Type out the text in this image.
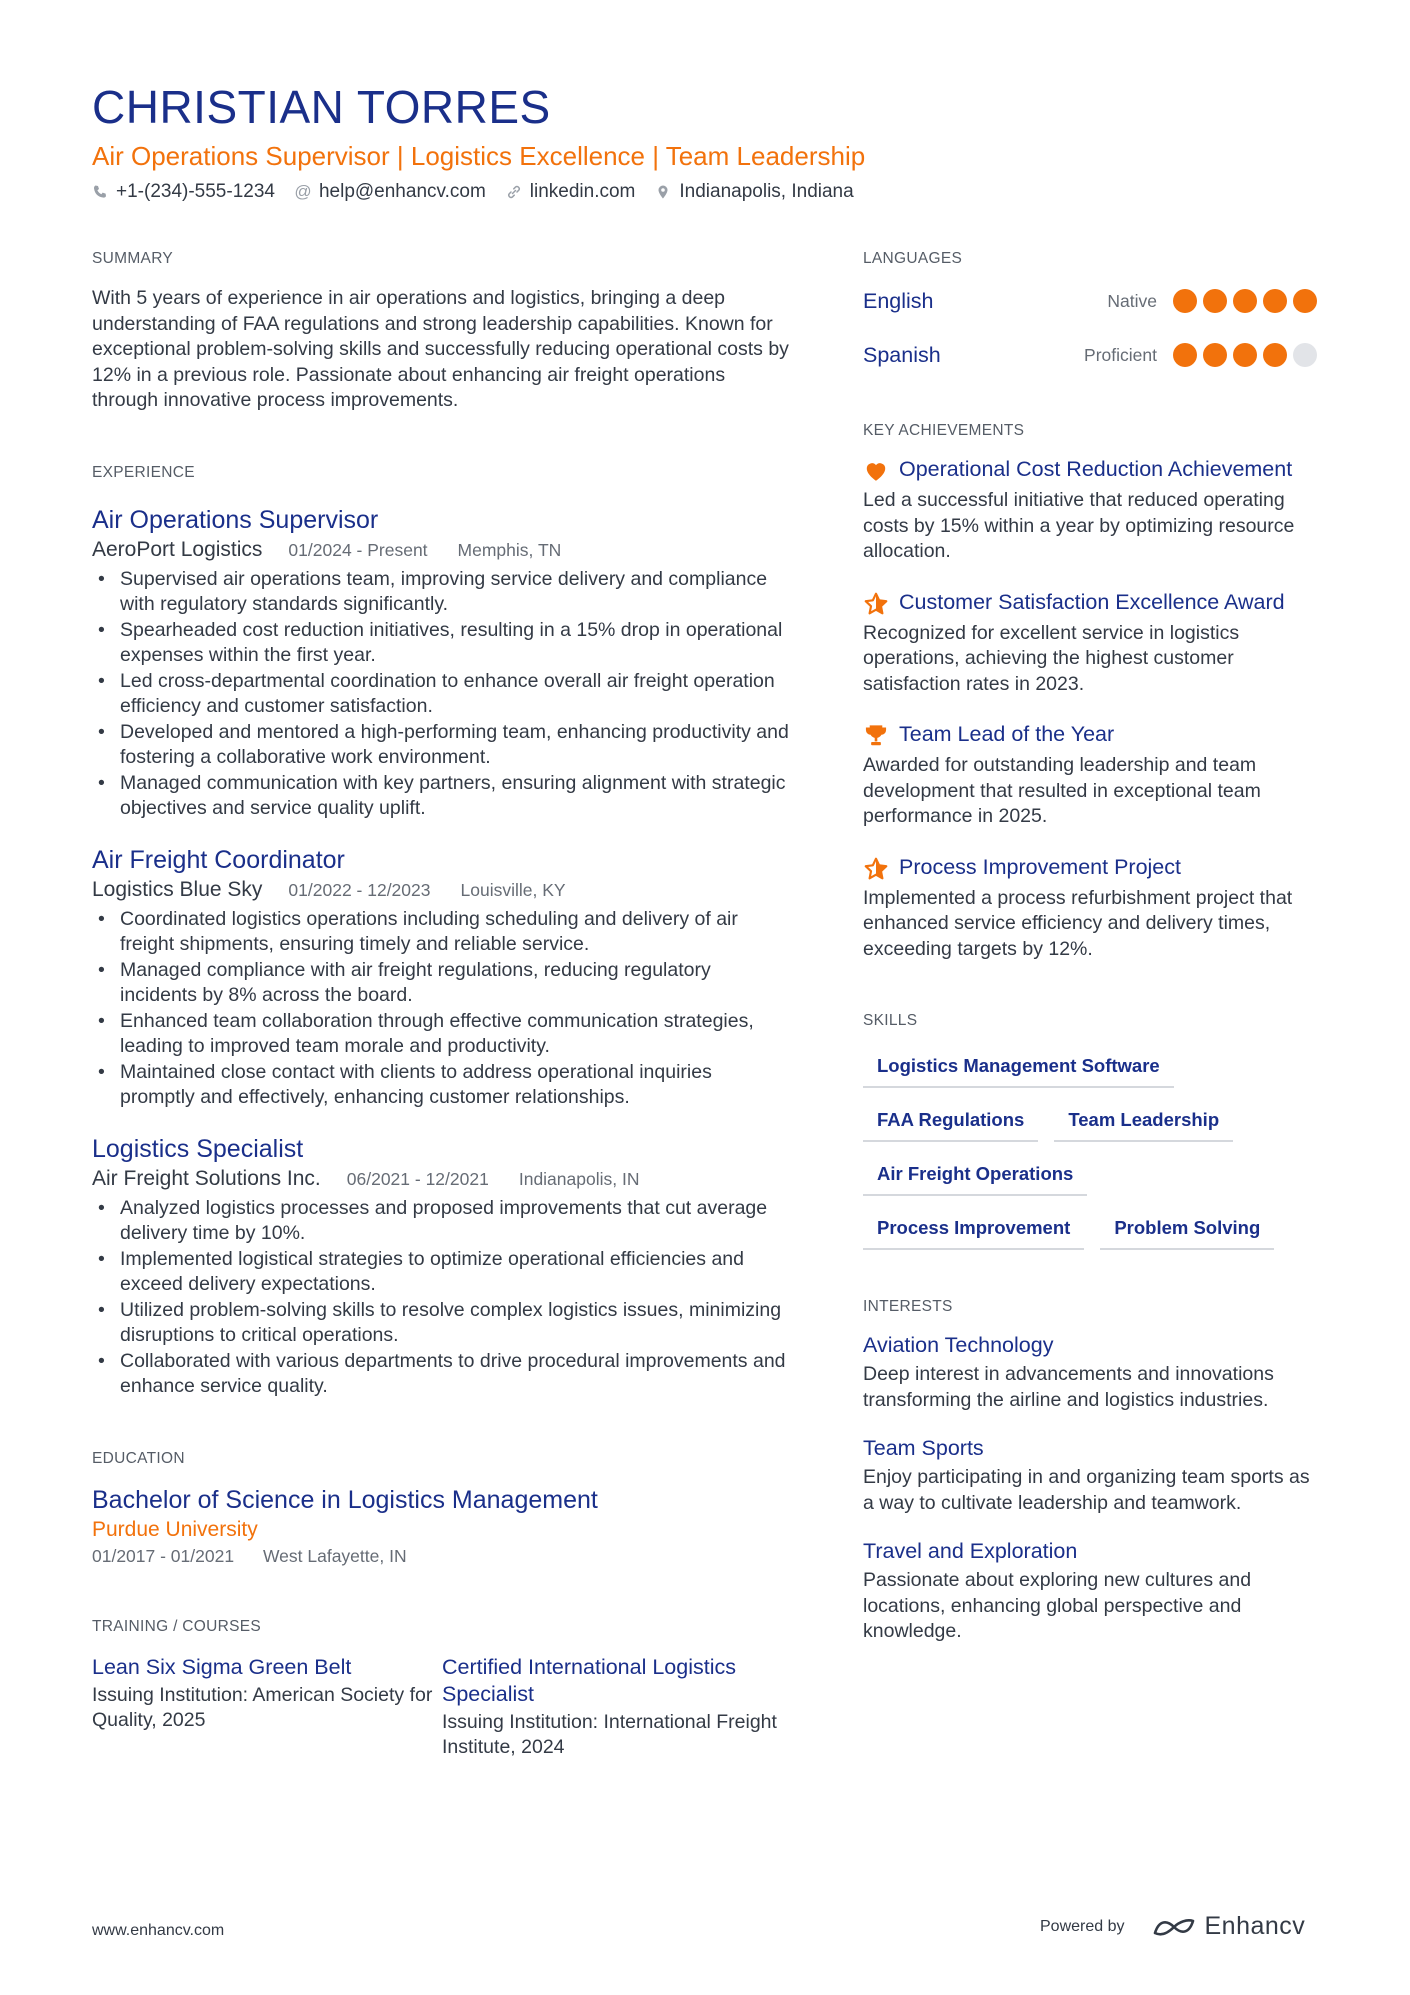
CHRISTIAN TORRES
Air Operations Supervisor | Logistics Excellence | Team Leadership
+1-(234)-555-1234 @ help@enhancv.com linkedin.com Indianapolis, Indiana
SUMMARY
With 5 years of experience in air operations and logistics, bringing a deep understanding of FAA regulations and strong leadership capabilities. Known for exceptional problem-solving skills and successfully reducing operational costs by 12% in a previous role. Passionate about enhancing air freight operations through innovative process improvements.
EXPERIENCE
Air Operations Supervisor
AeroPort Logistics 01/2024 - Present Memphis, TN
• Supervised air operations team, improving service delivery and compliance with regulatory standards significantly.
• Spearheaded cost reduction initiatives, resulting in a 15% drop in operational expenses within the first year.
• Led cross-departmental coordination to enhance overall air freight operation efficiency and customer satisfaction.
• Developed and mentored a high-performing team, enhancing productivity and fostering a collaborative work environment.
• Managed communication with key partners, ensuring alignment with strategic objectives and service quality uplift.
Air Freight Coordinator
Logistics Blue Sky 01/2022 - 12/2023 Louisville, KY
• Coordinated logistics operations including scheduling and delivery of air freight shipments, ensuring timely and reliable service.
• Managed compliance with air freight regulations, reducing regulatory incidents by 8% across the board.
• Enhanced team collaboration through effective communication strategies, leading to improved team morale and productivity.
• Maintained close contact with clients to address operational inquiries promptly and effectively, enhancing customer relationships.
Logistics Specialist
Air Freight Solutions Inc. 06/2021 - 12/2021 Indianapolis, IN
• Analyzed logistics processes and proposed improvements that cut average delivery time by 10%.
• Implemented logistical strategies to optimize operational efficiencies and exceed delivery expectations.
• Utilized problem-solving skills to resolve complex logistics issues, minimizing disruptions to critical operations.
• Collaborated with various departments to drive procedural improvements and enhance service quality.
EDUCATION
Bachelor of Science in Logistics Management
Purdue University
01/2017 - 01/2021 West Lafayette, IN
TRAINING / COURSES
Lean Six Sigma Green Belt
Issuing Institution: American Society for Quality, 2025
Certified International Logistics Specialist
Issuing Institution: International Freight Institute, 2024
LANGUAGES
English	Native
Spanish	Proficient
KEY ACHIEVEMENTS
Operational Cost Reduction Achievement
Led a successful initiative that reduced operating costs by 15% within a year by optimizing resource allocation.
Customer Satisfaction Excellence Award
Recognized for excellent service in logistics operations, achieving the highest customer satisfaction rates in 2023.
Team Lead of the Year
Awarded for outstanding leadership and team development that resulted in exceptional team performance in 2025.
Process Improvement Project
Implemented a process refurbishment project that enhanced service efficiency and delivery times, exceeding targets by 12%.
SKILLS
Logistics Management Software
FAA Regulations	Team Leadership
Air Freight Operations
Process Improvement	Problem Solving
INTERESTS
Aviation Technology
Deep interest in advancements and innovations transforming the airline and logistics industries.
Team Sports
Enjoy participating in and organizing team sports as a way to cultivate leadership and teamwork.
Travel and Exploration
Passionate about exploring new cultures and locations, enhancing global perspective and knowledge.
www.enhancv.com	Powered by	Enhancv
